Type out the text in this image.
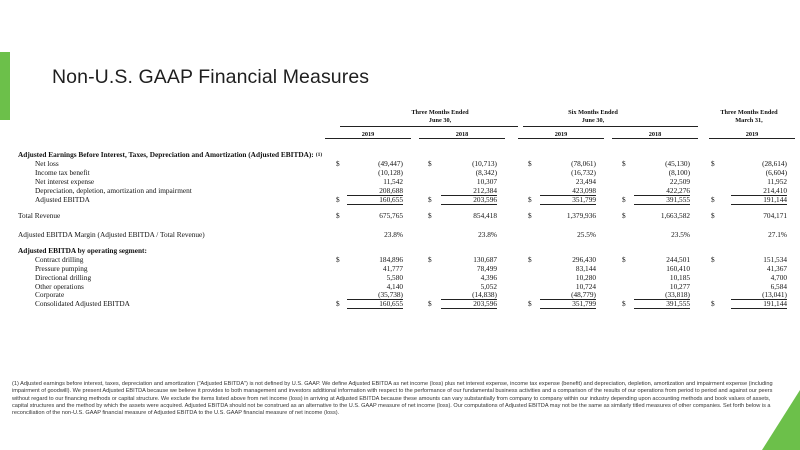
Non-U.S. GAAP Financial Measures
Three Months Ended
June 30,
Six Months Ended
June 30,
Three Months Ended
March 31,
2019	2018	2019	2018	2019
Adjusted Earnings Before Interest, Taxes, Depreciation and Amortization (Adjusted EBITDA): $^{(1)}$
Net loss	$	(49,447)	$	(10,713)	$	(78,061)	$	(45,130)	$	(28,614)
Income tax benefit	(10,128)	(8,342)	(16,732)	(8,100)	(6,604)
Net interest expense	11,542	10,307	23,494	22,509	11,952
Depreciation, depletion, amortization and impairment	208,688	212,384	423,098	422,276	214,410
Adjusted EBITDA	$	160,655	$	203,596	$	351,799	$	391,555	$	191,144
Total Revenue	$	675,765	$	854,418	$	1,379,936	$	1,663,582	$	704,171
Adjusted EBITDA Margin (Adjusted EBITDA / Total Revenue)	23.8%	23.8%	25.5%	23.5%	27.1%
Adjusted EBITDA by operating segment:
Contract drilling	$	184,896	$	130,687	$	296,430	$	244,501	$	151,534
Pressure pumping	41,777	78,499	83,144	160,410	41,367
Directional drilling	5,580	4,396	10,280	10,185	4,700
Other operations	4,140	5,052	10,724	10,277	6,584
Corporate	(35,738)	(14,838)	(48,779)	(33,818)	(13,041)
Consolidated Adjusted EBITDA	$	160,655	$	203,596	$	351,799	$	391,555	$	191,144
(1) Adjusted earnings before interest, taxes, depreciation and amortization ("Adjusted EBITDA") is not defined by U.S. GAAP. We define Adjusted EBITDA as net income (loss) plus net interest expense, income tax expense (benefit) and depreciation, depletion, amortization and impairment expense (including impairment of goodwill). We present Adjusted EBITDA because we believe it provides to both management and investors additional information with respect to the performance of our fundamental business activities and a comparison of the results of our operations from period to period and against our peers without regard to our financing methods or capital structure. We exclude the items listed above from net income (loss) in arriving at Adjusted EBITDA because these amounts can vary substantially from company to company within our industry depending upon accounting methods and book values of assets, capital structures and the method by which the assets were acquired. Adjusted EBITDA should not be construed as an alternative to the U.S. GAAP measure of net income (loss). Our computations of Adjusted EBITDA may not be the same as similarly titled measures of other companies. Set forth below is a reconciliation of the non-U.S. GAAP financial measure of Adjusted EBITDA to the U.S. GAAP financial measure of net income (loss).
